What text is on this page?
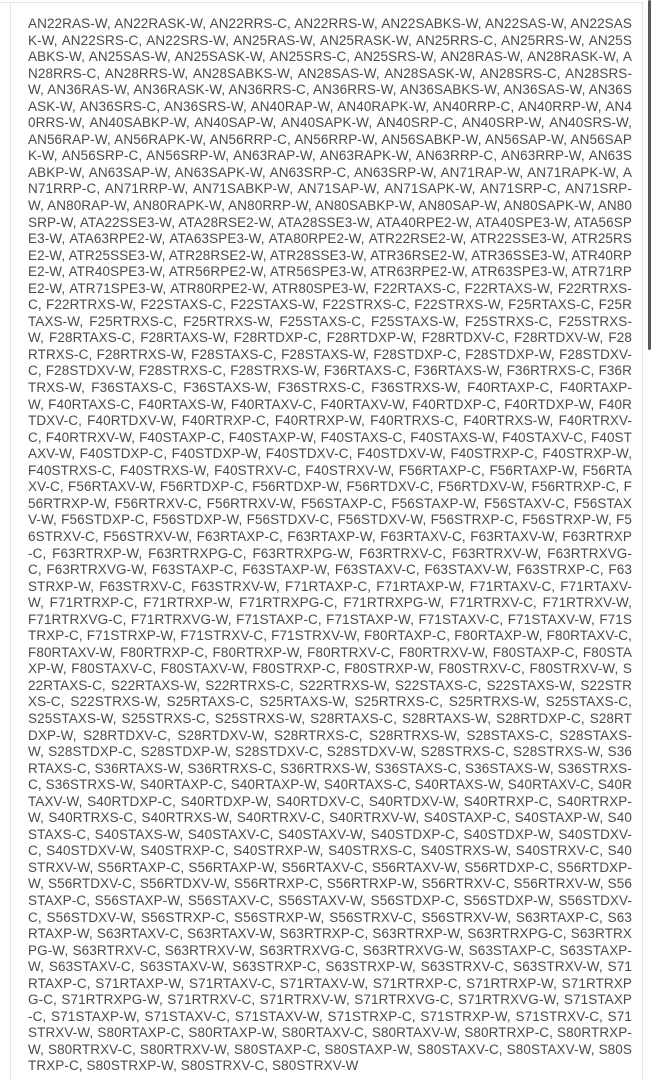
AN22RAS-W, AN22RASK-W, AN22RRS-C, AN22RRS-W, AN22SABKS-W, AN22SAS-W, AN22SASK-W, AN22SRS-C, AN22SRS-W, AN25RAS-W, AN25RASK-W, AN25RRS-C, AN25RRS-W, AN25SABKS-W, AN25SAS-W, AN25SASK-W, AN25SRS-C, AN25SRS-W, AN28RAS-W, AN28RASK-W, AN28RRS-C, AN28RRS-W, AN28SABKS-W, AN28SAS-W, AN28SASK-W, AN28SRS-C, AN28SRS-W, AN36RAS-W, AN36RASK-W, AN36RRS-C, AN36RRS-W, AN36SABKS-W, AN36SAS-W, AN36SASK-W, AN36SRS-C, AN36SRS-W, AN40RAP-W, AN40RAPK-W, AN40RRP-C, AN40RRP-W, AN40RRS-W, AN40SABKP-W, AN40SAP-W, AN40SAPK-W, AN40SRP-C, AN40SRP-W, AN40SRS-W, AN56RAP-W, AN56RAPK-W, AN56RRP-C, AN56RRP-W, AN56SABKP-W, AN56SAP-W, AN56SAPK-W, AN56SRP-C, AN56SRP-W, AN63RAP-W, AN63RAPK-W, AN63RRP-C, AN63RRP-W, AN63SABKP-W, AN63SAP-W, AN63SAPK-W, AN63SRP-C, AN63SRP-W, AN71RAP-W, AN71RAPK-W, AN71RRP-C, AN71RRP-W, AN71SABKP-W, AN71SAP-W, AN71SAPK-W, AN71SRP-C, AN71SRP-W, AN80RAP-W, AN80RAPK-W, AN80RRP-W, AN80SABKP-W, AN80SAP-W, AN80SAPK-W, AN80SRP-W, ATA22SSE3-W, ATA28RSE2-W, ATA28SSE3-W, ATA40RPE2-W, ATA40SPE3-W, ATA56SPE3-W, ATA63RPE2-W, ATA63SPE3-W, ATA80RPE2-W, ATR22RSE2-W, ATR22SSE3-W, ATR25RSE2-W, ATR25SSE3-W, ATR28RSE2-W, ATR28SSE3-W, ATR36RSE2-W, ATR36SSE3-W, ATR40RPE2-W, ATR40SPE3-W, ATR56RPE2-W, ATR56SPE3-W, ATR63RPE2-W, ATR63SPE3-W, ATR71RPE2-W, ATR71SPE3-W, ATR80RPE2-W, ATR80SPE3-W, F22RTAXS-C, F22RTAXS-W, F22RTRXS-C, F22RTRXS-W, F22STAXS-C, F22STAXS-W, F22STRXS-C, F22STRXS-W, F25RTAXS-C, F25RTAXS-W, F25RTRXS-C, F25RTRXS-W, F25STAXS-C, F25STAXS-W, F25STRXS-C, F25STRXS-W, F28RTAXS-C, F28RTAXS-W, F28RTDXP-C, F28RTDXP-W, F28RTDXV-C, F28RTDXV-W, F28RTRXS-C, F28RTRXS-W, F28STAXS-C, F28STAXS-W, F28STDXP-C, F28STDXP-W, F28STDXV-C, F28STDXV-W, F28STRXS-C, F28STRXS-W, F36RTAXS-C, F36RTAXS-W, F36RTRXS-C, F36RTRXS-W, F36STAXS-C, F36STAXS-W, F36STRXS-C, F36STRXS-W, F40RTAXP-C, F40RTAXP-W, F40RTAXS-C, F40RTAXS-W, F40RTAXV-C, F40RTAXV-W, F40RTDXP-C, F40RTDXP-W, F40RTDXV-C, F40RTDXV-W, F40RTRXP-C, F40RTRXP-W, F40RTRXS-C, F40RTRXS-W, F40RTRXV-C, F40RTRXV-W, F40STAXP-C, F40STAXP-W, F40STAXS-C, F40STAXS-W, F40STAXV-C, F40STAXV-W, F40STDXP-C, F40STDXP-W, F40STDXV-C, F40STDXV-W, F40STRXP-C, F40STRXP-W, F40STRXS-C, F40STRXS-W, F40STRXV-C, F40STRXV-W, F56RTAXP-C, F56RTAXP-W, F56RTAXV-C, F56RTAXV-W, F56RTDXP-C, F56RTDXP-W, F56RTDXV-C, F56RTDXV-W, F56RTRXP-C, F56RTRXP-W, F56RTRXV-C, F56RTRXV-W, F56STAXP-C, F56STAXP-W, F56STAXV-C, F56STAXV-W, F56STDXP-C, F56STDXP-W, F56STDXV-C, F56STDXV-W, F56STRXP-C, F56STRXP-W, F56STRXV-C, F56STRXV-W, F63RTAXP-C, F63RTAXP-W, F63RTAXV-C, F63RTAXV-W, F63RTRXP-C, F63RTRXP-W, F63RTRXPG-C, F63RTRXPG-W, F63RTRXV-C, F63RTRXV-W, F63RTRXVG-C, F63RTRXVG-W, F63STAXP-C, F63STAXP-W, F63STAXV-C, F63STAXV-W, F63STRXP-C, F63STRXP-W, F63STRXV-C, F63STRXV-W, F71RTAXP-C, F71RTAXP-W, F71RTAXV-C, F71RTAXV-W, F71RTRXP-C, F71RTRXP-W, F71RTRXPG-C, F71RTRXPG-W, F71RTRXV-C, F71RTRXV-W, F71RTRXVG-C, F71RTRXVG-W, F71STAXP-C, F71STAXP-W, F71STAXV-C, F71STAXV-W, F71STRXP-C, F71STRXP-W, F71STRXV-C, F71STRXV-W, F80RTAXP-C, F80RTAXP-W, F80RTAXV-C, F80RTAXV-W, F80RTRXP-C, F80RTRXP-W, F80RTRXV-C, F80RTRXV-W, F80STAXP-C, F80STAXP-W, F80STAXV-C, F80STAXV-W, F80STRXP-C, F80STRXP-W, F80STRXV-C, F80STRXV-W, S22RTAXS-C, S22RTAXS-W, S22RTRXS-C, S22RTRXS-W, S22STAXS-C, S22STAXS-W, S22STRXS-C, S22STRXS-W, S25RTAXS-C, S25RTAXS-W, S25RTRXS-C, S25RTRXS-W, S25STAXS-C, S25STAXS-W, S25STRXS-C, S25STRXS-W, S28RTAXS-C, S28RTAXS-W, S28RTDXP-C, S28RTDXP-W, S28RTDXV-C, S28RTDXV-W, S28RTRXS-C, S28RTRXS-W, S28STAXS-C, S28STAXS-W, S28STDXP-C, S28STDXP-W, S28STDXV-C, S28STDXV-W, S28STRXS-C, S28STRXS-W, S36RTAXS-C, S36RTAXS-W, S36RTRXS-C, S36RTRXS-W, S36STAXS-C, S36STAXS-W, S36STRXS-C, S36STRXS-W, S40RTAXP-C, S40RTAXP-W, S40RTAXS-C, S40RTAXS-W, S40RTAXV-C, S40RTAXV-W, S40RTDXP-C, S40RTDXP-W, S40RTDXV-C, S40RTDXV-W, S40RTRXP-C, S40RTRXP-W, S40RTRXS-C, S40RTRXS-W, S40RTRXV-C, S40RTRXV-W, S40STAXP-C, S40STAXP-W, S40STAXS-C, S40STAXS-W, S40STAXV-C, S40STAXV-W, S40STDXP-C, S40STDXP-W, S40STDXV-C, S40STDXV-W, S40STRXP-C, S40STRXP-W, S40STRXS-C, S40STRXS-W, S40STRXV-C, S40STRXV-W, S56RTAXP-C, S56RTAXP-W, S56RTAXV-C, S56RTAXV-W, S56RTDXP-C, S56RTDXP-W, S56RTDXV-C, S56RTDXV-W, S56RTRXP-C, S56RTRXP-W, S56RTRXV-C, S56RTRXV-W, S56STAXP-C, S56STAXP-W, S56STAXV-C, S56STAXV-W, S56STDXP-C, S56STDXP-W, S56STDXV-C, S56STDXV-W, S56STRXP-C, S56STRXP-W, S56STRXV-C, S56STRXV-W, S63RTAXP-C, S63RTAXP-W, S63RTAXV-C, S63RTAXV-W, S63RTRXP-C, S63RTRXP-W, S63RTRXPG-C, S63RTRXPG-W, S63RTRXV-C, S63RTRXV-W, S63RTRXVG-C, S63RTRXVG-W, S63STAXP-C, S63STAXP-W, S63STAXV-C, S63STAXV-W, S63STRXP-C, S63STRXP-W, S63STRXV-C, S63STRXV-W, S71RTAXP-C, S71RTAXP-W, S71RTAXV-C, S71RTAXV-W, S71RTRXP-C, S71RTRXP-W, S71RTRXPG-C, S71RTRXPG-W, S71RTRXV-C, S71RTRXV-W, S71RTRXVG-C, S71RTRXVG-W, S71STAXP-C, S71STAXP-W, S71STAXV-C, S71STAXV-W, S71STRXP-C, S71STRXP-W, S71STRXV-C, S71STRXV-W, S80RTAXP-C, S80RTAXP-W, S80RTAXV-C, S80RTAXV-W, S80RTRXP-C, S80RTRXP-W, S80RTRXV-C, S80RTRXV-W, S80STAXP-C, S80STAXP-W, S80STAXV-C, S80STAXV-W, S80STRXP-C, S80STRXP-W, S80STRXV-C, S80STRXV-W
